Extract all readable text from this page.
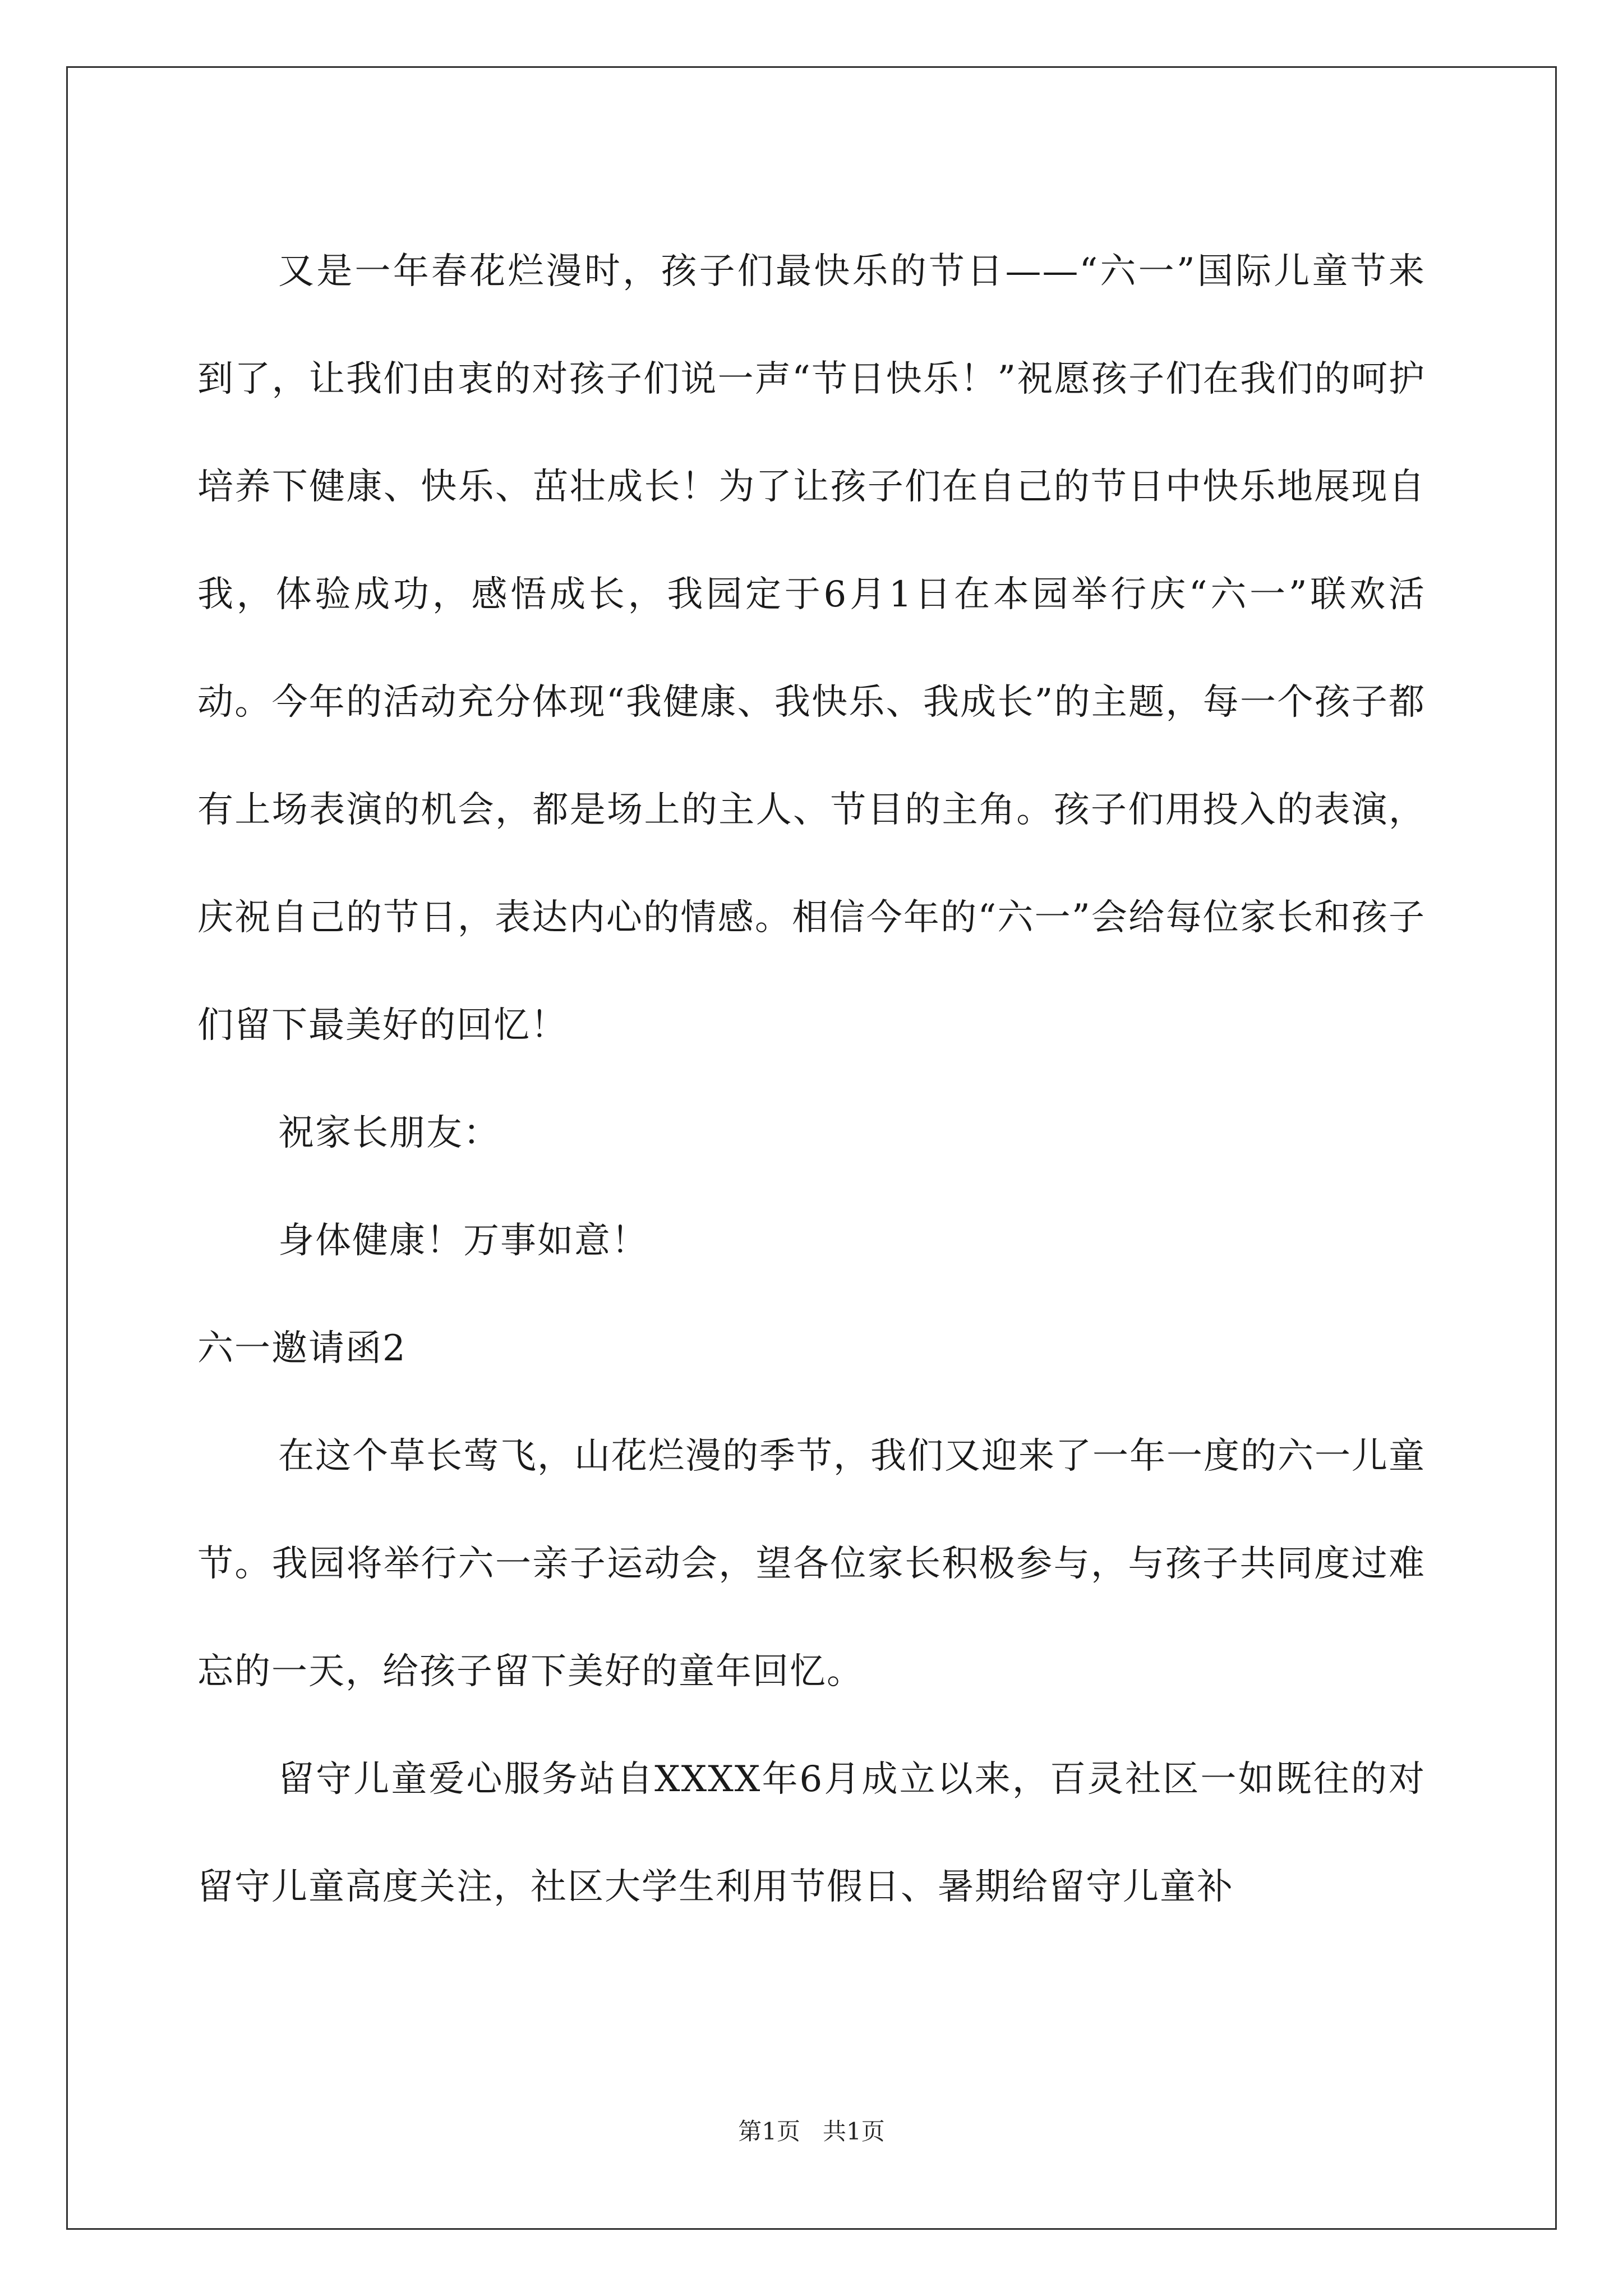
又是一年春花烂漫时，孩子们最快乐的节日——“六一”国际儿童节来到了，让我们由衷的对孩子们说一声“节日快乐！”祝愿孩子们在我们的呵护培养下健康、快乐、茁壮成长！为了让孩子们在自己的节日中快乐地展现自我，体验成功，感悟成长，我园定于6月1日在本园举行庆“六一”联欢活动。今年的活动充分体现“我健康、我快乐、我成长”的主题，每一个孩子都有上场表演的机会，都是场上的主人、节目的主角。孩子们用投入的表演，庆祝自己的节日，表达内心的情感。相信今年的“六一”会给每位家长和孩子们留下最美好的回忆！

祝家长朋友：

身体健康！万事如意！

六一邀请函2

在这个草长莺飞，山花烂漫的季节，我们又迎来了一年一度的六一儿童节。我园将举行六一亲子运动会，望各位家长积极参与，与孩子共同度过难忘的一天，给孩子留下美好的童年回忆。

留守儿童爱心服务站自XXXX年6月成立以来，百灵社区一如既往的对留守儿童高度关注，社区大学生利用节假日、暑期给留守儿童补

第1页 共1页
